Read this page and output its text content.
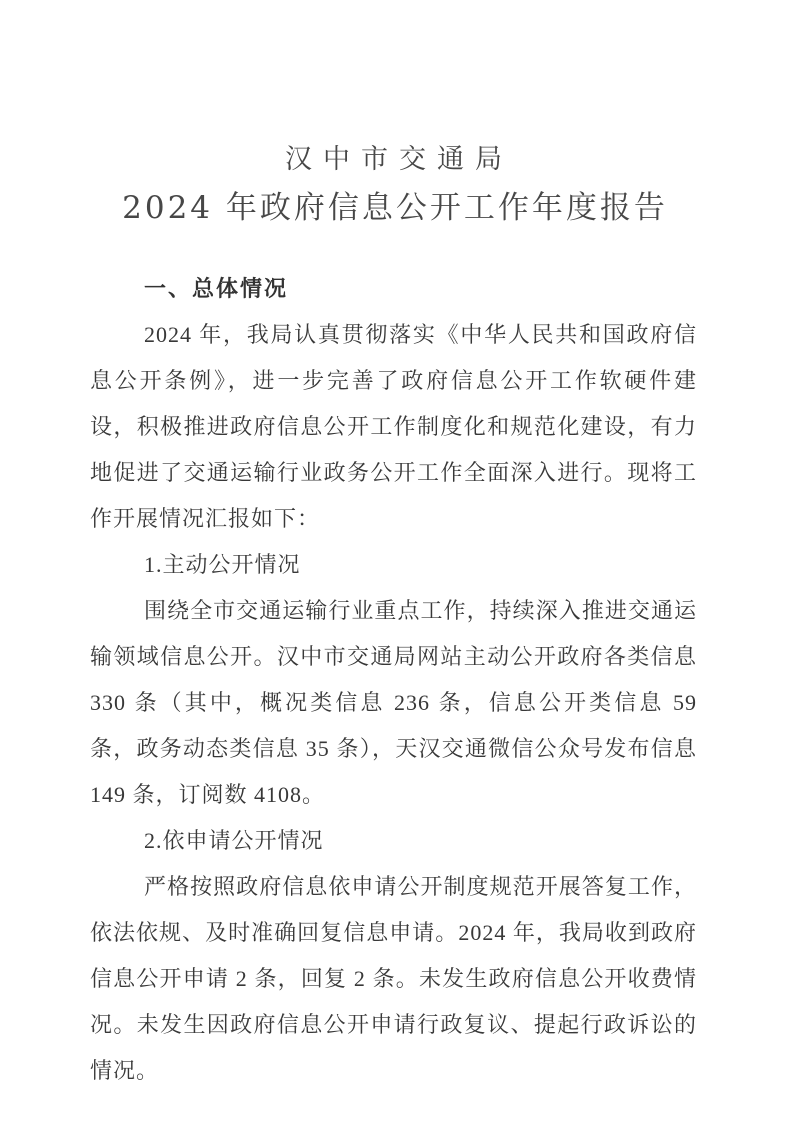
汉中市交通局
2024 年政府信息公开工作年度报告
一、总体情况

2024 年，我局认真贯彻落实《中华人民共和国政府信息公开条例》，进一步完善了政府信息公开工作软硬件建设，积极推进政府信息公开工作制度化和规范化建设，有力地促进了交通运输行业政务公开工作全面深入进行。现将工作开展情况汇报如下：

1.主动公开情况

围绕全市交通运输行业重点工作，持续深入推进交通运输领域信息公开。汉中市交通局网站主动公开政府各类信息 330 条（其中，概况类信息 236 条，信息公开类信息 59 条，政务动态类信息 35 条），天汉交通微信公众号发布信息 149 条，订阅数 4108。

2.依申请公开情况

严格按照政府信息依申请公开制度规范开展答复工作，依法依规、及时准确回复信息申请。2024 年，我局收到政府信息公开申请 2 条，回复 2 条。未发生政府信息公开收费情况。未发生因政府信息公开申请行政复议、提起行政诉讼的情况。
